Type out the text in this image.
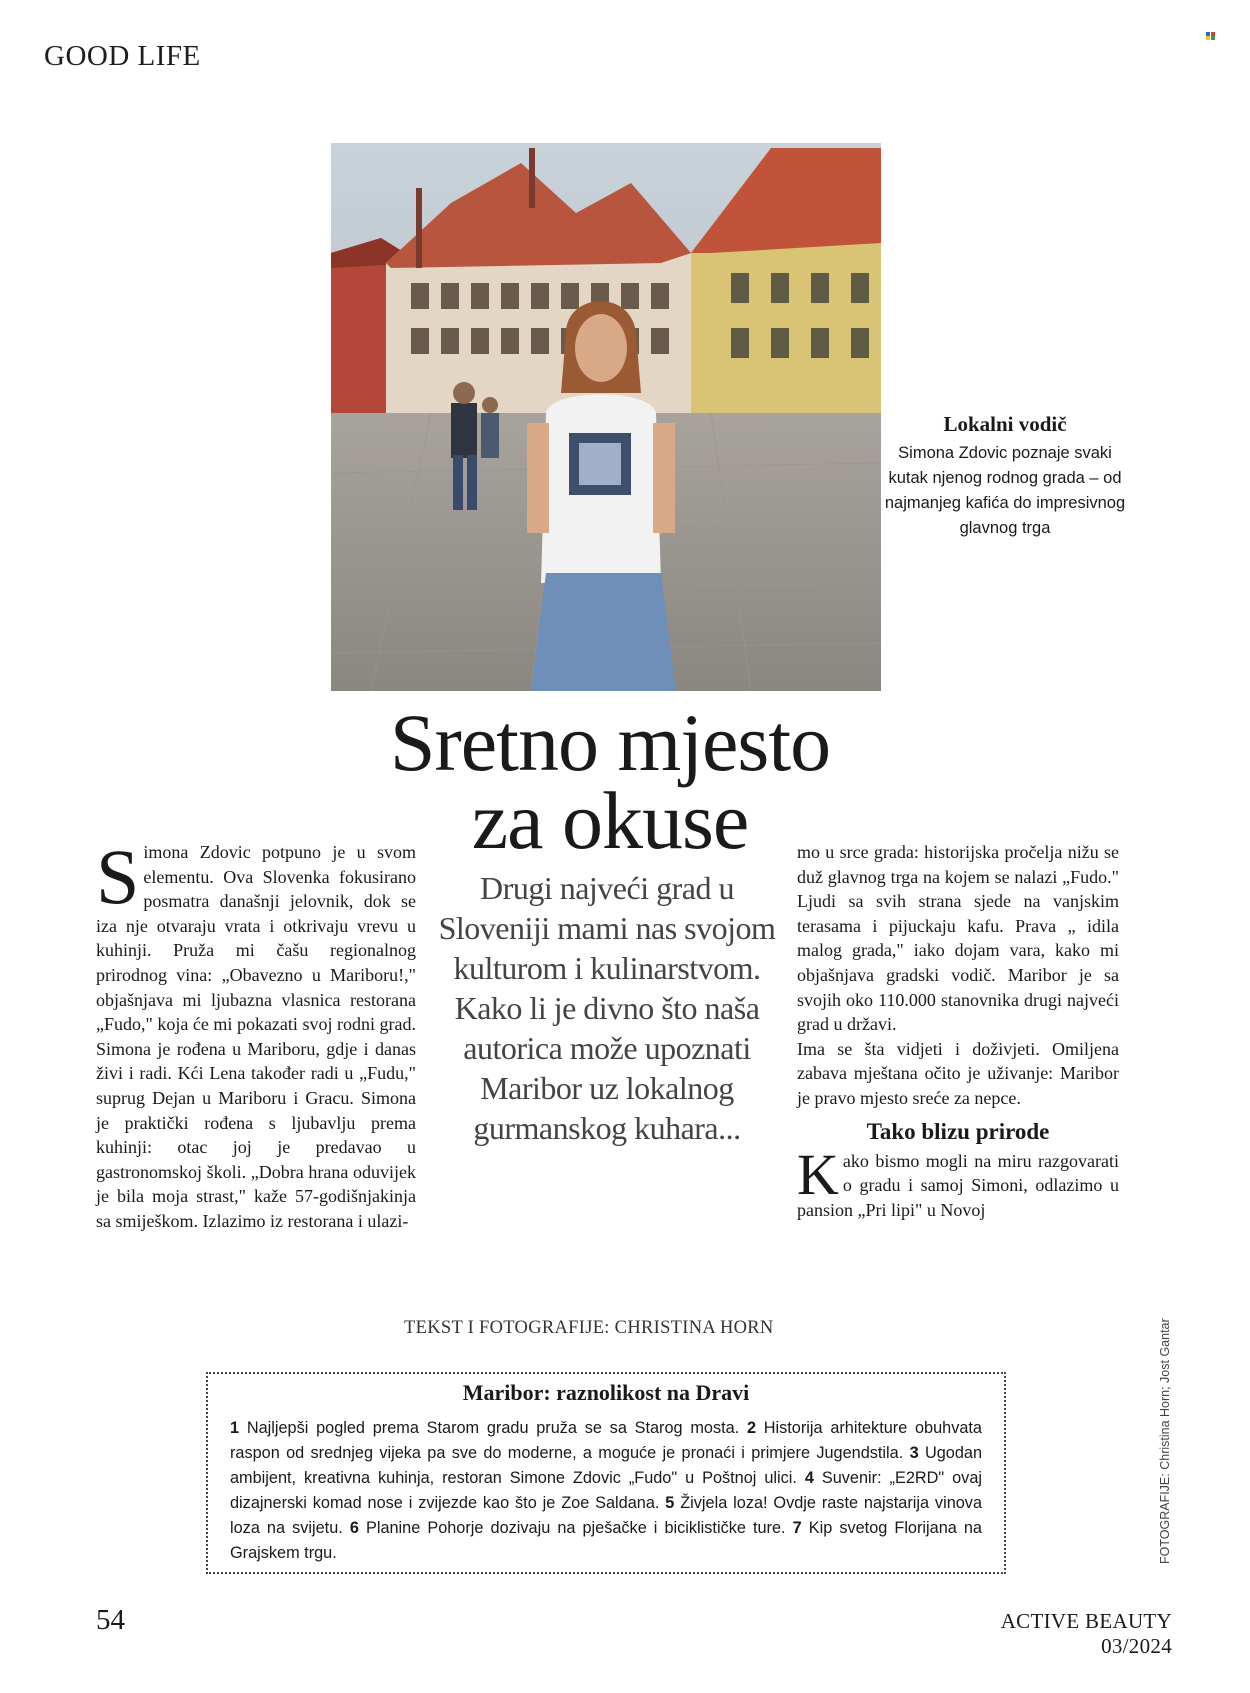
GOOD LIFE
Lokalni vodič
Simona Zdovic poznaje svaki kutak njenog rodnog grada – od najmanjeg kafića do impresivnog glavnog trga
Sretno mjesto
za okuse
Drugi najveći grad u Sloveniji mami nas svojom kulturom i kulinarstvom. Kako li je divno što naša autorica može upoznati Maribor uz lokalnog gurmanskog kuhara...
S imona Zdovic potpuno je u svom elementu. Ova Slovenka fokusirano posmatra današnji jelovnik, dok se iza nje otvaraju vrata i otkrivaju vrevu u kuhinji. Pruža mi čašu regionalnog prirodnog vina: „Obavezno u Mariboru!," objašnjava mi ljubazna vlasnica restorana „Fudo," koja će mi pokazati svoj rodni grad. Simona je rođena u Mariboru, gdje i danas živi i radi. Kći Lena također radi u „Fudu," suprug Dejan u Mariboru i Gracu. Simona je praktički rođena s ljubavlju prema kuhinji: otac joj je predavao u gastronomskoj školi. „Dobra hrana oduvijek je bila moja strast," kaže 57-godišnjakinja sa smiješkom. Izlazimo iz restorana i ulazi-

mo u srce grada: historijska pročelja nižu se duž glavnog trga na kojem se nalazi „Fudo." Ljudi sa svih strana sjede na vanjskim terasama i pijuckaju kafu. Prava „ idila malog grada," iako dojam vara, kako mi objašnjava gradski vodič. Maribor je sa svojih oko 110.000 stanovnika drugi najveći grad u državi.

Ima se šta vidjeti i doživjeti. Omiljena zabava mještana očito je uživanje: Maribor je pravo mjesto sreće za nepce.

Tako blizu prirode

Kako bismo mogli na miru razgovarati o gradu i samoj Simoni, odlazimo u pansion „Pri lipi" u Novoj

TEKST I FOTOGRAFIJE: CHRISTINA HORN
Maribor: raznolikost na Dravi
1 Najljepši pogled prema Starom gradu pruža se sa Starog mosta. 2 Historija arhitekture obuhvata raspon od srednjeg vijeka pa sve do moderne, a moguće je pronaći i primjere Jugendstila. 3 Ugodan ambijent, kreativna kuhinja, restoran Simone Zdovic „Fudo" u Poštnoj ulici. 4 Suvenir: „E2RD" ovaj dizajnerski komad nose i zvijezde kao što je Zoe Saldana. 5 Živjela loza! Ovdje raste najstarija vinova loza na svijetu. 6 Planine Pohorje dozivaju na pješačke i biciklističke ture. 7 Kip svetog Florijana na Grajskem trgu.	FOTOGRAFIJE: Christina Horn; Jost Gantar
54	ACTIVE BEAUTY 03/2024
